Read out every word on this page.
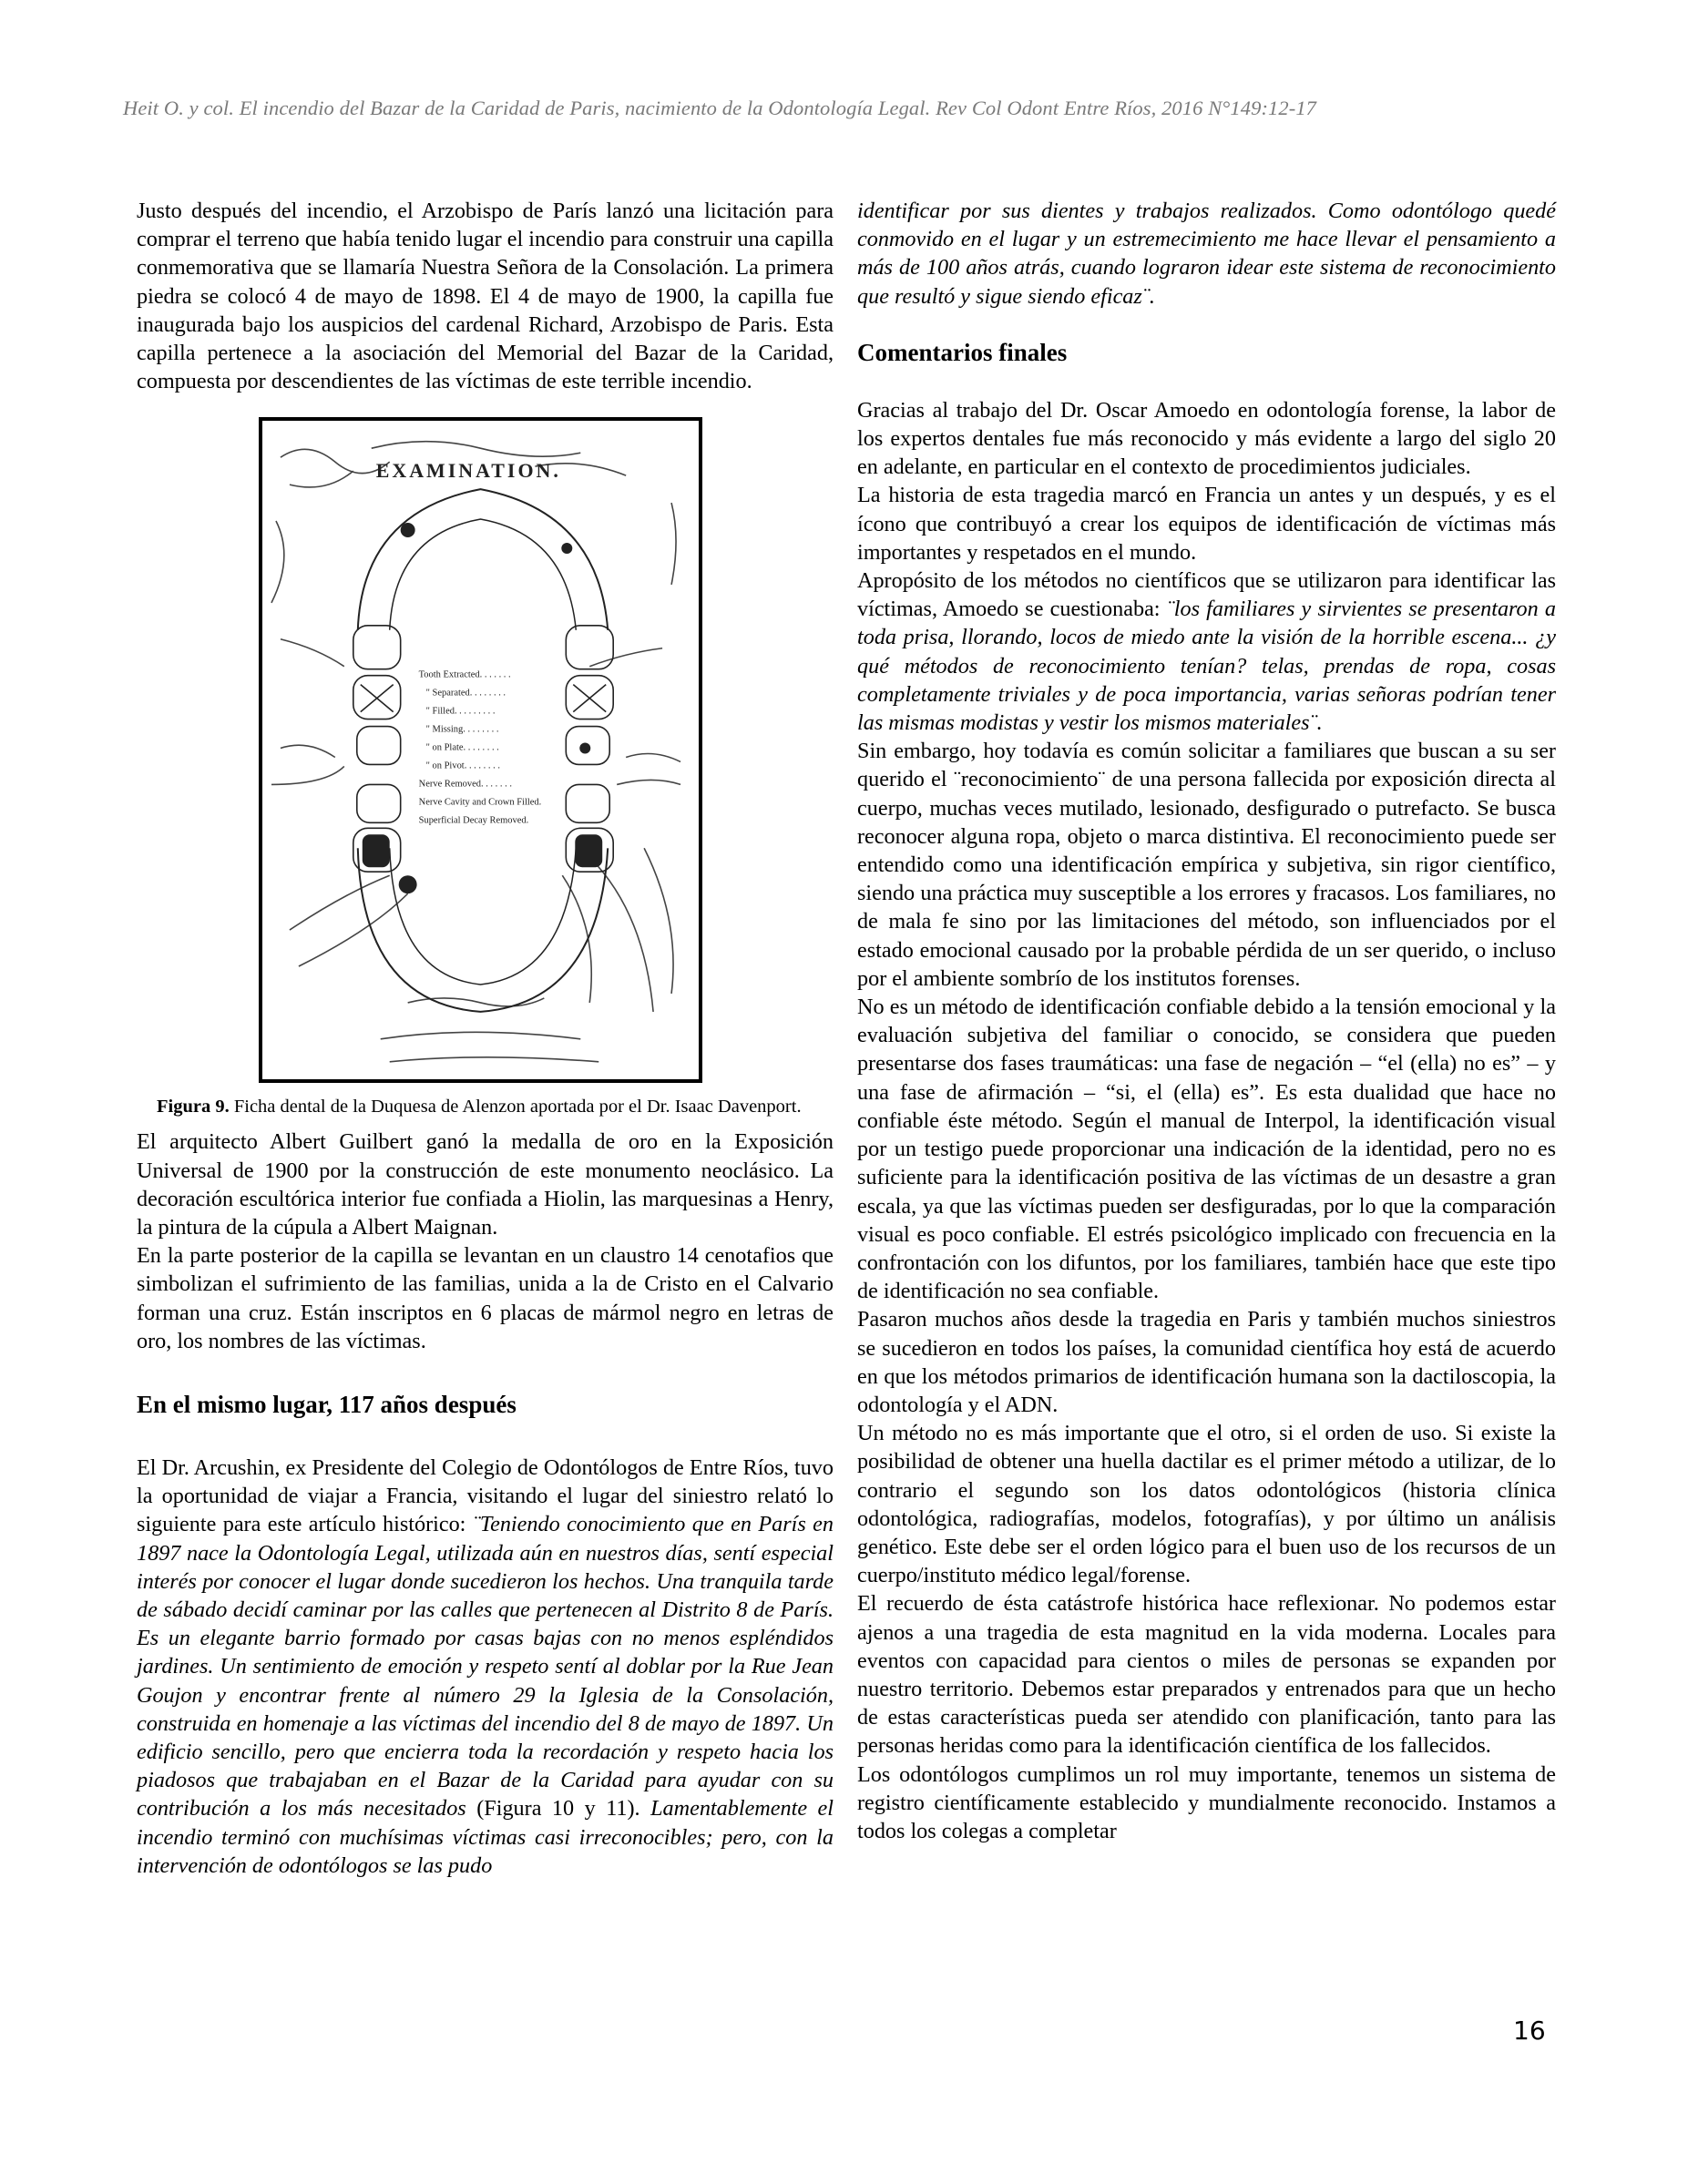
Heit O. y col. El incendio del Bazar de la Caridad de Paris, nacimiento de la Odontología Legal. Rev Col Odont Entre Ríos, 2016 N°149:12-17

Justo después del incendio, el Arzobispo de París lanzó una licitación para comprar el terreno que había tenido lugar el incendio para construir una capilla conmemorativa que se llamaría Nuestra Señora de la Consolación. La primera piedra se colocó 4 de mayo de 1898. El 4 de mayo de 1900, la capilla fue inaugurada bajo los auspicios del cardenal Richard, Arzobispo de Paris. Esta capilla pertenece a la asociación del Memorial del Bazar de la Caridad, compuesta por descendientes de las víctimas de este terrible incendio.

EXAMINATION.
Tooth Extracted. . . . . . .
" Separated. . . . . . . .
" Filled. . . . . . . . .
" Missing. . . . . . . .
" on Plate. . . . . . . .
" on Pivot. . . . . . . .
Nerve Removed. . . . . . .
Nerve Cavity and Crown Filled.
Superficial Decay Removed.
Figura 9. Ficha dental de la Duquesa de Alenzon aportada por el Dr. Isaac Davenport.

El arquitecto Albert Guilbert ganó la medalla de oro en la Exposición Universal de 1900 por la construcción de este monumento neoclásico. La decoración escultórica interior fue confiada a Hiolin, las marquesinas a Henry, la pintura de la cúpula a Albert Maignan.

En la parte posterior de la capilla se levantan en un claustro 14 cenotafios que simbolizan el sufrimiento de las familias, unida a la de Cristo en el Calvario forman una cruz. Están inscriptos en 6 placas de mármol negro en letras de oro, los nombres de las víctimas.

En el mismo lugar, 117 años después

El Dr. Arcushin, ex Presidente del Colegio de Odontólogos de Entre Ríos, tuvo la oportunidad de viajar a Francia, visitando el lugar del siniestro relató lo siguiente para este artículo histórico: ¨Teniendo conocimiento que en París en 1897 nace la Odontología Legal, utilizada aún en nuestros días, sentí especial interés por conocer el lugar donde sucedieron los hechos. Una tranquila tarde de sábado decidí caminar por las calles que pertenecen al Distrito 8 de París. Es un elegante barrio formado por casas bajas con no menos espléndidos jardines. Un sentimiento de emoción y respeto sentí al doblar por la Rue Jean Goujon y encontrar frente al número 29 la Iglesia de la Consolación, construida en homenaje a las víctimas del incendio del 8 de mayo de 1897. Un edificio sencillo, pero que encierra toda la recordación y respeto hacia los piadosos que trabajaban en el Bazar de la Caridad para ayudar con su contribución a los más necesitados (Figura 10 y 11). Lamentablemente el incendio terminó con muchísimas víctimas casi irreconocibles; pero, con la intervención de odontólogos se las pudo

identificar por sus dientes y trabajos realizados. Como odontólogo quedé conmovido en el lugar y un estremecimiento me hace llevar el pensamiento a más de 100 años atrás, cuando lograron idear este sistema de reconocimiento que resultó y sigue siendo eficaz¨.

Comentarios finales

Gracias al trabajo del Dr. Oscar Amoedo en odontología forense, la labor de los expertos dentales fue más reconocido y más evidente a largo del siglo 20 en adelante, en particular en el contexto de procedimientos judiciales.

La historia de esta tragedia marcó en Francia un antes y un después, y es el ícono que contribuyó a crear los equipos de identificación de víctimas más importantes y respetados en el mundo.

Apropósito de los métodos no científicos que se utilizaron para identificar las víctimas, Amoedo se cuestionaba: ¨los familiares y sirvientes se presentaron a toda prisa, llorando, locos de miedo ante la visión de la horrible escena... ¿y qué métodos de reconocimiento tenían? telas, prendas de ropa, cosas completamente triviales y de poca importancia, varias señoras podrían tener las mismas modistas y vestir los mismos materiales¨.

Sin embargo, hoy todavía es común solicitar a familiares que buscan a su ser querido el ¨reconocimiento¨ de una persona fallecida por exposición directa al cuerpo, muchas veces mutilado, lesionado, desfigurado o putrefacto. Se busca reconocer alguna ropa, objeto o marca distintiva. El reconocimiento puede ser entendido como una identificación empírica y subjetiva, sin rigor científico, siendo una práctica muy susceptible a los errores y fracasos. Los familiares, no de mala fe sino por las limitaciones del método, son influenciados por el estado emocional causado por la probable pérdida de un ser querido, o incluso por el ambiente sombrío de los institutos forenses.

No es un método de identificación confiable debido a la tensión emocional y la evaluación subjetiva del familiar o conocido, se considera que pueden presentarse dos fases traumáticas: una fase de negación – “el (ella) no es” – y una fase de afirmación – “si, el (ella) es”. Es esta dualidad que hace no confiable éste método. Según el manual de Interpol, la identificación visual por un testigo puede proporcionar una indicación de la identidad, pero no es suficiente para la identificación positiva de las víctimas de un desastre a gran escala, ya que las víctimas pueden ser desfiguradas, por lo que la comparación visual es poco confiable. El estrés psicológico implicado con frecuencia en la confrontación con los difuntos, por los familiares, también hace que este tipo de identificación no sea confiable.

Pasaron muchos años desde la tragedia en Paris y también muchos siniestros se sucedieron en todos los países, la comunidad científica hoy está de acuerdo en que los métodos primarios de identificación humana son la dactiloscopia, la odontología y el ADN.

Un método no es más importante que el otro, si el orden de uso. Si existe la posibilidad de obtener una huella dactilar es el primer método a utilizar, de lo contrario el segundo son los datos odontológicos (historia clínica odontológica, radiografías, modelos, fotografías), y por último un análisis genético. Este debe ser el orden lógico para el buen uso de los recursos de un cuerpo/instituto médico legal/forense.

El recuerdo de ésta catástrofe histórica hace reflexionar. No podemos estar ajenos a una tragedia de esta magnitud en la vida moderna. Locales para eventos con capacidad para cientos o miles de personas se expanden por nuestro territorio. Debemos estar preparados y entrenados para que un hecho de estas características pueda ser atendido con planificación, tanto para las personas heridas como para la identificación científica de los fallecidos.

Los odontólogos cumplimos un rol muy importante, tenemos un sistema de registro científicamente establecido y mundialmente reconocido. Instamos a todos los colegas a completar

16
